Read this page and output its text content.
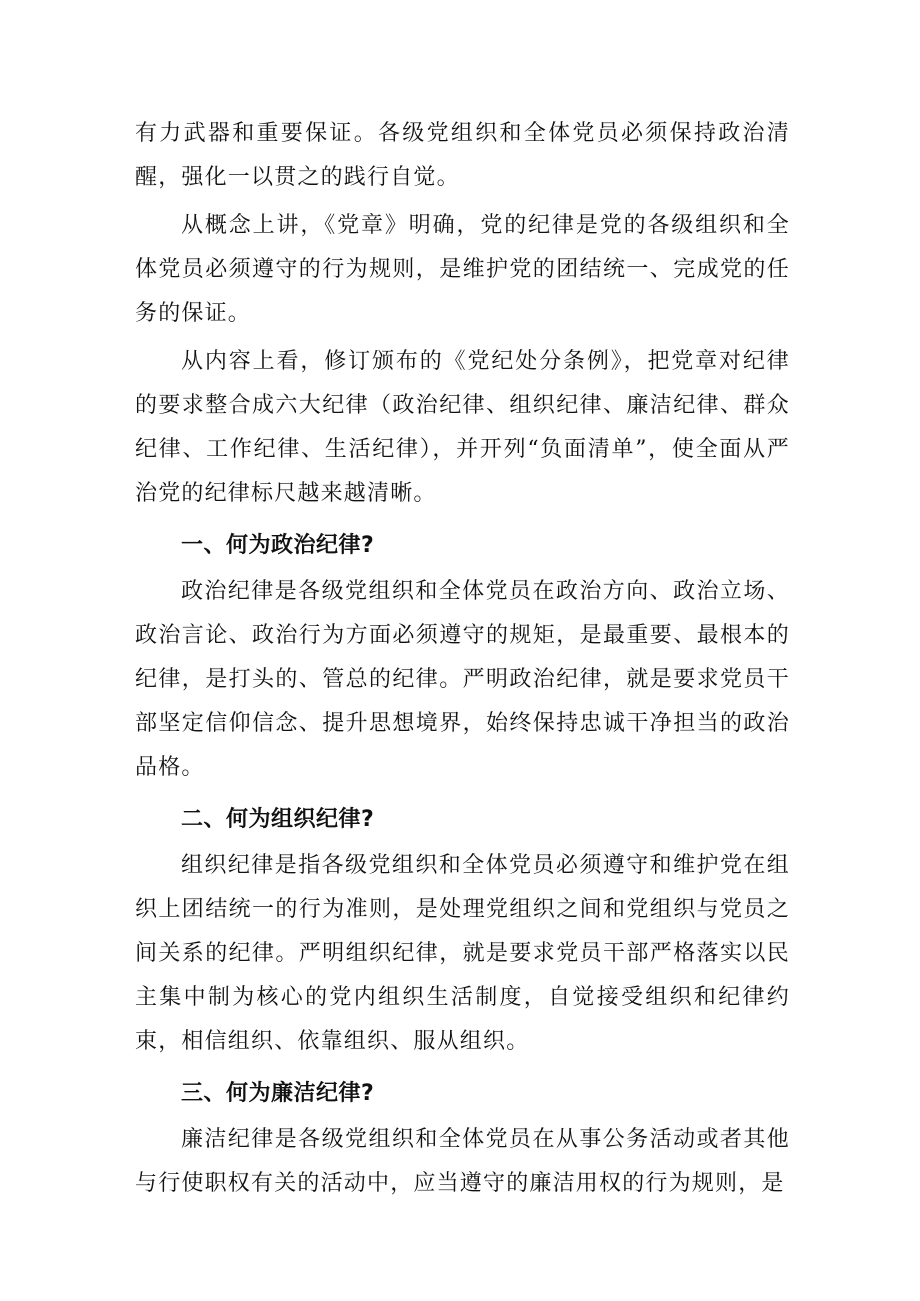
有力武器和重要保证。各级党组织和全体党员必须保持政治清醒，强化一以贯之的践行自觉。

从概念上讲，《党章》明确，党的纪律是党的各级组织和全体党员必须遵守的行为规则，是维护党的团结统一、完成党的任务的保证。

从内容上看，修订颁布的《党纪处分条例》，把党章对纪律的要求整合成六大纪律（政治纪律、组织纪律、廉洁纪律、群众纪律、工作纪律、生活纪律），并开列“负面清单”，使全面从严治党的纪律标尺越来越清晰。

一、何为政治纪律?

政治纪律是各级党组织和全体党员在政治方向、政治立场、政治言论、政治行为方面必须遵守的规矩，是最重要、最根本的纪律，是打头的、管总的纪律。严明政治纪律，就是要求党员干部坚定信仰信念、提升思想境界，始终保持忠诚干净担当的政治品格。

二、何为组织纪律?

组织纪律是指各级党组织和全体党员必须遵守和维护党在组织上团结统一的行为准则，是处理党组织之间和党组织与党员之间关系的纪律。严明组织纪律，就是要求党员干部严格落实以民主集中制为核心的党内组织生活制度，自觉接受组织和纪律约束，相信组织、依靠组织、服从组织。

三、何为廉洁纪律?

廉洁纪律是各级党组织和全体党员在从事公务活动或者其他与行使职权有关的活动中，应当遵守的廉洁用权的行为规则，是
